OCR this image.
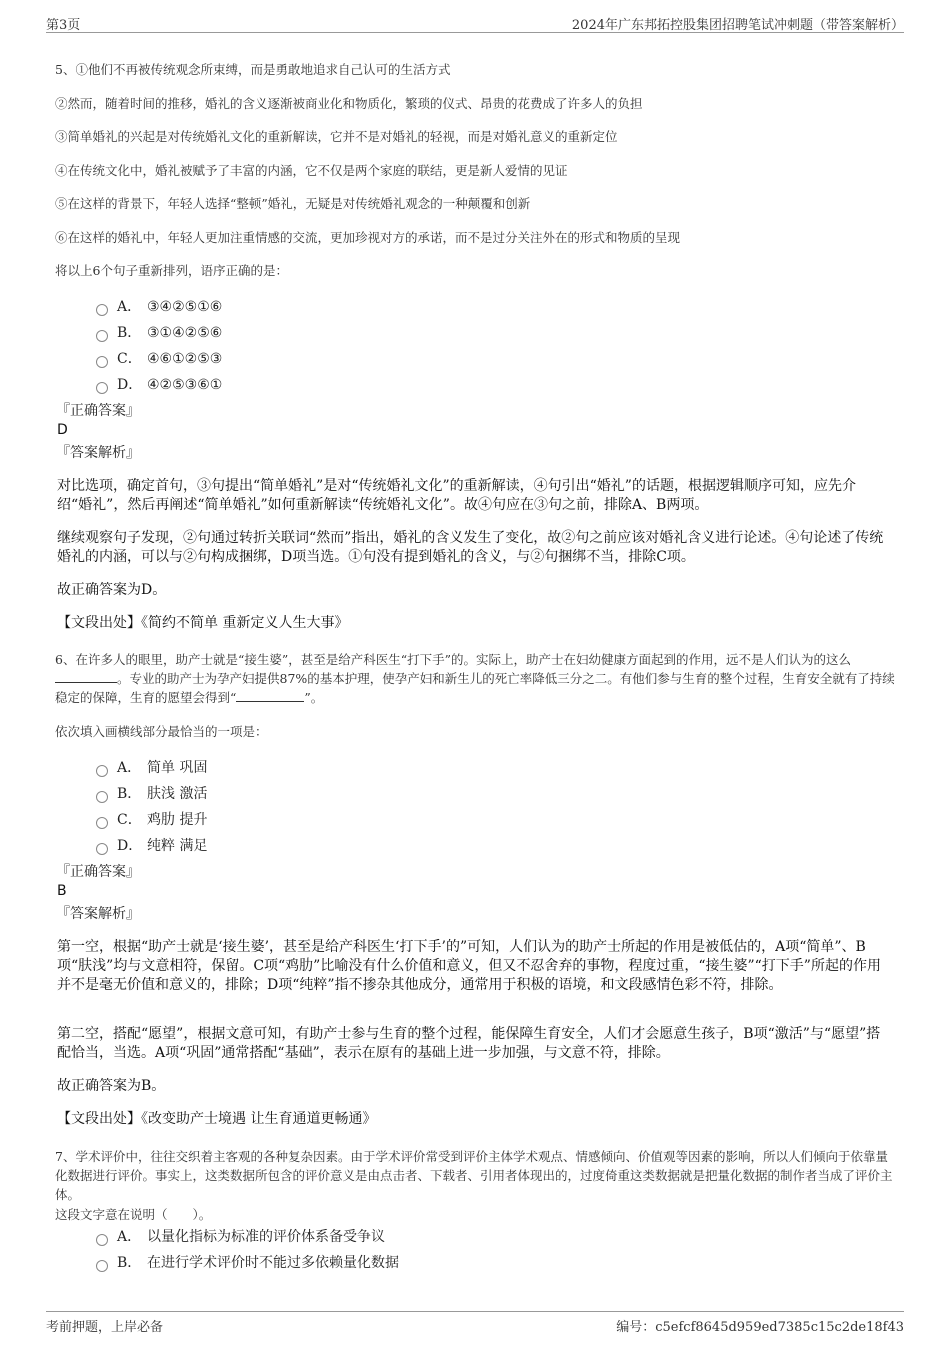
第3页	2024年广东邦拓控股集团招聘笔试冲刺题（带答案解析）
5、①他们不再被传统观念所束缚，而是勇敢地追求自己认可的生活方式
②然而，随着时间的推移，婚礼的含义逐渐被商业化和物质化，繁琐的仪式、昂贵的花费成了许多人的负担
③简单婚礼的兴起是对传统婚礼文化的重新解读，它并不是对婚礼的轻视，而是对婚礼意义的重新定位
④在传统文化中，婚礼被赋予了丰富的内涵，它不仅是两个家庭的联结，更是新人爱情的见证
⑤在这样的背景下，年轻人选择“整顿”婚礼，无疑是对传统婚礼观念的一种颠覆和创新
⑥在这样的婚礼中，年轻人更加注重情感的交流，更加珍视对方的承诺，而不是过分关注外在的形式和物质的呈现
将以上6个句子重新排列，语序正确的是：
A． ③④②⑤①⑥
B． ③①④②⑤⑥
C． ④⑥①②⑤③
D． ④②⑤③⑥①
『正确答案』
D
『答案解析』
对比选项，确定首句，③句提出“简单婚礼”是对“传统婚礼文化”的重新解读，④句引出“婚礼”的话题，根据逻辑顺序可知，应先介绍“婚礼”，然后再阐述“简单婚礼”如何重新解读“传统婚礼文化”。故④句应在③句之前，排除A、B两项。
继续观察句子发现，②句通过转折关联词“然而”指出，婚礼的含义发生了变化，故②句之前应该对婚礼含义进行论述。④句论述了传统婚礼的内涵，可以与②句构成捆绑，D项当选。①句没有提到婚礼的含义，与②句捆绑不当，排除C项。
故正确答案为D。
【文段出处】《简约不简单 重新定义人生大事》
6、在许多人的眼里，助产士就是“接生婆”，甚至是给产科医生“打下手”的。实际上，助产士在妇幼健康方面起到的作用，远不是人们认为的这么。专业的助产士为孕产妇提供87%的基本护理，使孕产妇和新生儿的死亡率降低三分之二。有他们参与生育的整个过程，生育安全就有了持续稳定的保障，生育的愿望会得到“	”。
依次填入画横线部分最恰当的一项是：
A． 简单 巩固
B． 肤浅 激活
C． 鸡肋 提升
D． 纯粹 满足
『正确答案』
B
『答案解析』
第一空，根据“助产士就是‘接生婆’，甚至是给产科医生‘打下手’的”可知，人们认为的助产士所起的作用是被低估的，A项“简单”、B项“肤浅”均与文意相符，保留。C项“鸡肋”比喻没有什么价值和意义，但又不忍舍弃的事物，程度过重，“接生婆”“打下手”所起的作用并不是毫无价值和意义的，排除；D项“纯粹”指不掺杂其他成分，通常用于积极的语境，和文段感情色彩不符，排除。
第二空，搭配“愿望”，根据文意可知，有助产士参与生育的整个过程，能保障生育安全，人们才会愿意生孩子，B项“激活”与“愿望”搭配恰当，当选。A项“巩固”通常搭配“基础”，表示在原有的基础上进一步加强，与文意不符，排除。
故正确答案为B。
【文段出处】《改变助产士境遇 让生育通道更畅通》
7、学术评价中，往往交织着主客观的各种复杂因素。由于学术评价常受到评价主体学术观点、情感倾向、价值观等因素的影响，所以人们倾向于依靠量化数据进行评价。事实上，这类数据所包含的评价意义是由点击者、下载者、引用者体现出的，过度倚重这类数据就是把量化数据的制作者当成了评价主体。
这段文字意在说明（　　）。
A． 以量化指标为标准的评价体系备受争议
B． 在进行学术评价时不能过多依赖量化数据
考前押题，上岸必备	编号：c5efcf8645d959ed7385c15c2de18f43
